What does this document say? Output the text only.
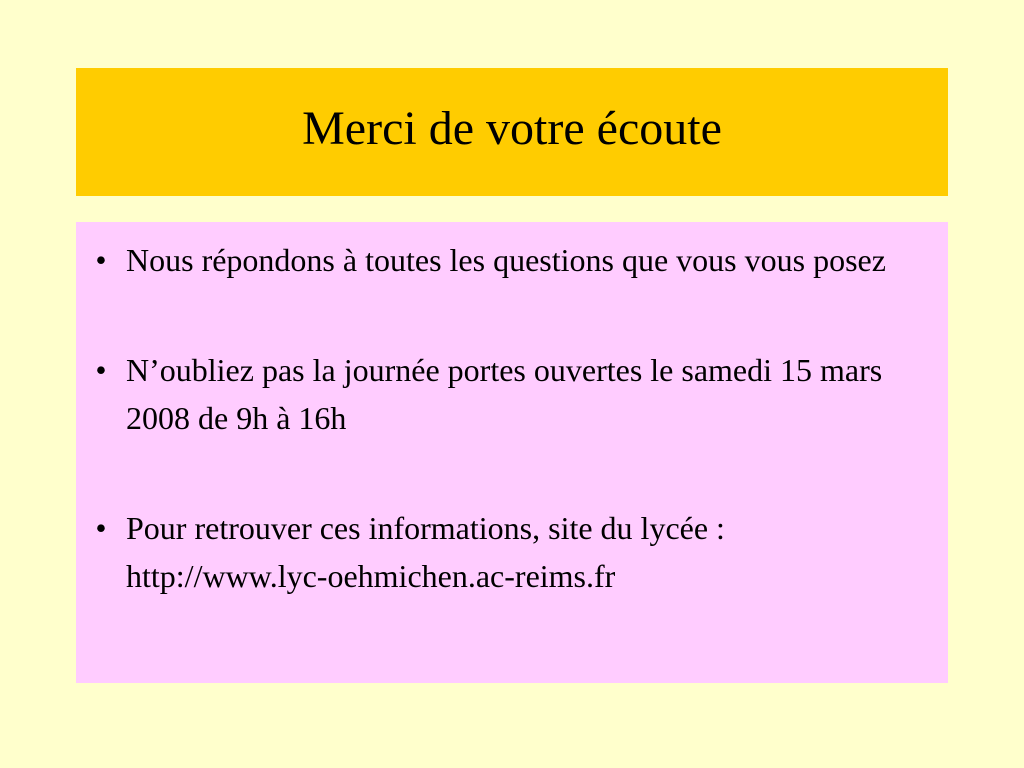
Merci de votre écoute
• Nous répondons à toutes les questions que vous vous posez
• N’oubliez pas la journée portes ouvertes le samedi 15 mars 2008 de 9h à 16h
• Pour retrouver ces informations, site du lycée : http://www.lyc-oehmichen.ac-reims.fr
